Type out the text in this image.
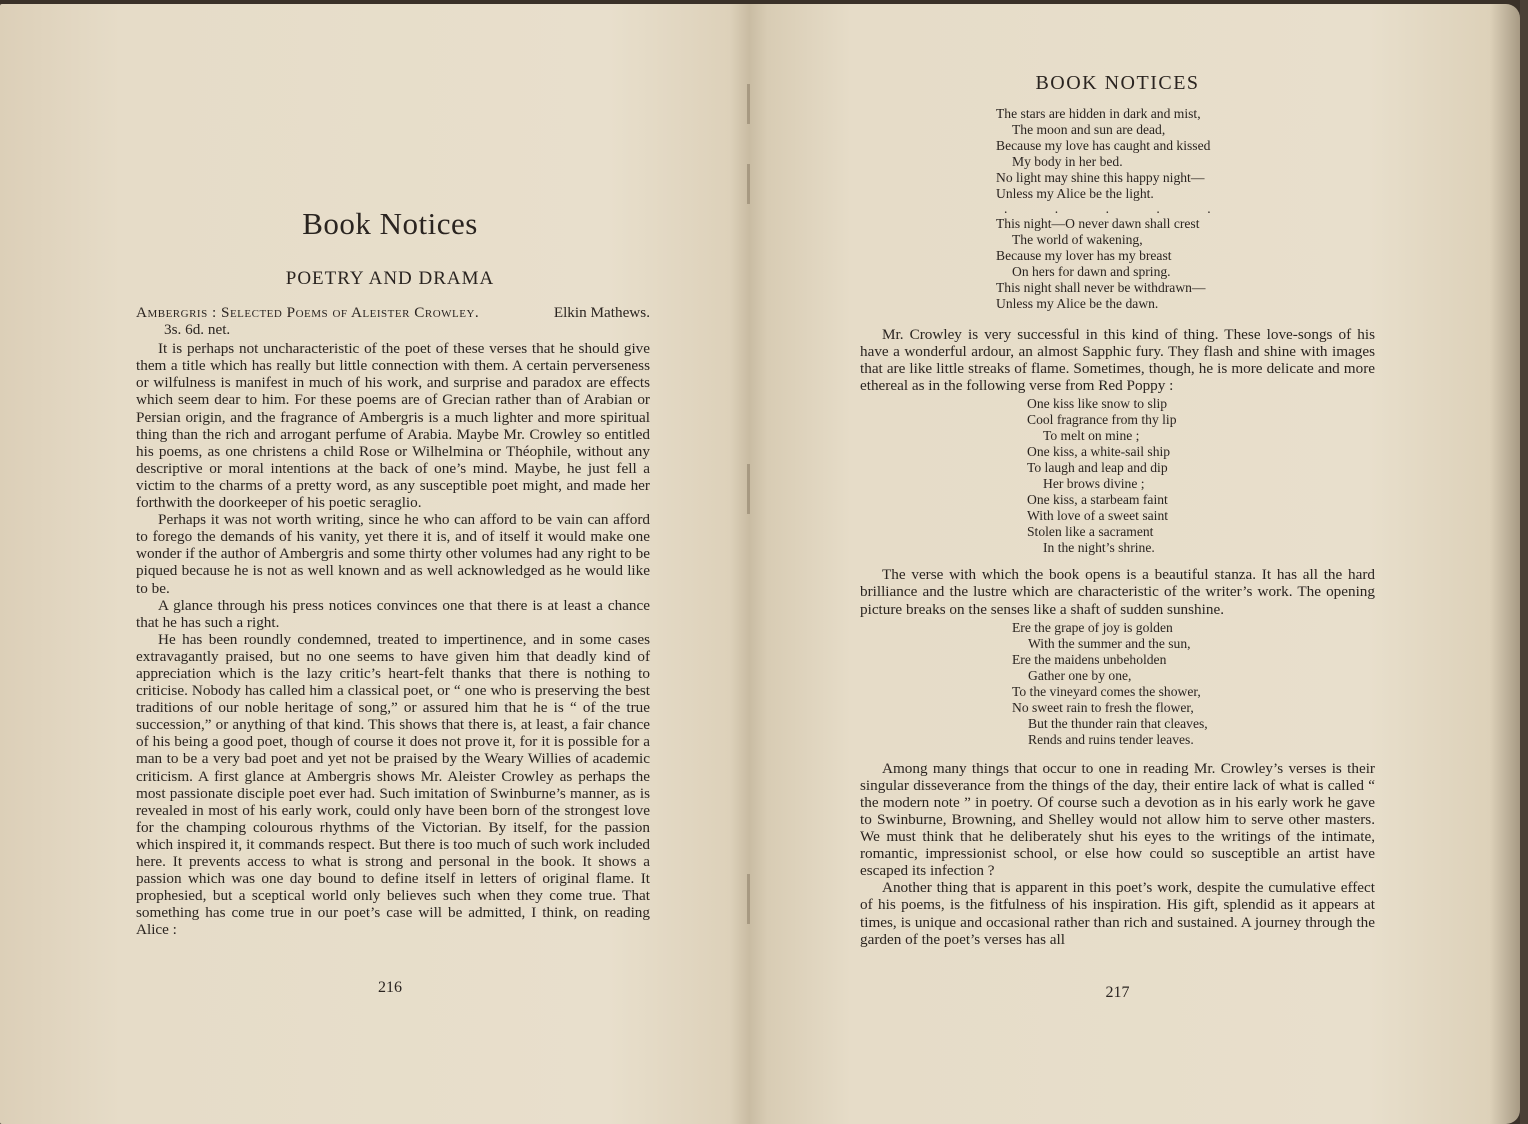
Book Notices
POETRY AND DRAMA
Ambergris : Selected Poems of Aleister Crowley.	Elkin Mathews.

3s. 6d. net.

It is perhaps not uncharacteristic of the poet of these verses that he should give them a title which has really but little connection with them. A certain perverseness or wilfulness is manifest in much of his work, and surprise and paradox are effects which seem dear to him. For these poems are of Grecian rather than of Arabian or Persian origin, and the fragrance of Ambergris is a much lighter and more spiritual thing than the rich and arrogant perfume of Arabia. Maybe Mr. Crowley so entitled his poems, as one christens a child Rose or Wilhelmina or Théophile, without any descriptive or moral intentions at the back of one’s mind. Maybe, he just fell a victim to the charms of a pretty word, as any susceptible poet might, and made her forthwith the doorkeeper of his poetic seraglio.

Perhaps it was not worth writing, since he who can afford to be vain can afford to forego the demands of his vanity, yet there it is, and of itself it would make one wonder if the author of Ambergris and some thirty other volumes had any right to be piqued because he is not as well known and as well acknowledged as he would like to be.

A glance through his press notices convinces one that there is at least a chance that he has such a right.

He has been roundly condemned, treated to impertinence, and in some cases extravagantly praised, but no one seems to have given him that deadly kind of appreciation which is the lazy critic’s heart-felt thanks that there is nothing to criticise. Nobody has called him a classical poet, or “ one who is preserving the best traditions of our noble heritage of song,” or assured him that he is “ of the true succession,” or anything of that kind. This shows that there is, at least, a fair chance of his being a good poet, though of course it does not prove it, for it is possible for a man to be a very bad poet and yet not be praised by the Weary Willies of academic criticism. A first glance at Ambergris shows Mr. Aleister Crowley as perhaps the most passionate disciple poet ever had. Such imitation of Swinburne’s manner, as is revealed in most of his early work, could only have been born of the strongest love for the champing colourous rhythms of the Victorian. By itself, for the passion which inspired it, it commands respect. But there is too much of such work included here. It prevents access to what is strong and personal in the book. It shows a passion which was one day bound to define itself in letters of original flame. It prophesied, but a sceptical world only believes such when they come true. That something has come true in our poet’s case will be admitted, I think, on reading Alice :

216

BOOK NOTICES

The stars are hidden in dark and mist,
The moon and sun are dead,
Because my love has caught and kissed
My body in her bed.
No light may shine this happy night—
Unless my Alice be the light.
. . . . .
This night—O never dawn shall crest
The world of wakening,
Because my lover has my breast
On hers for dawn and spring.
This night shall never be withdrawn—
Unless my Alice be the dawn.

Mr. Crowley is very successful in this kind of thing. These love-songs of his have a wonderful ardour, an almost Sapphic fury. They flash and shine with images that are like little streaks of flame. Sometimes, though, he is more delicate and more ethereal as in the following verse from Red Poppy :

One kiss like snow to slip
Cool fragrance from thy lip
To melt on mine ;
One kiss, a white-sail ship
To laugh and leap and dip
Her brows divine ;
One kiss, a starbeam faint
With love of a sweet saint
Stolen like a sacrament
In the night’s shrine.

The verse with which the book opens is a beautiful stanza. It has all the hard brilliance and the lustre which are characteristic of the writer’s work. The opening picture breaks on the senses like a shaft of sudden sunshine.

Ere the grape of joy is golden
With the summer and the sun,
Ere the maidens unbeholden
Gather one by one,
To the vineyard comes the shower,
No sweet rain to fresh the flower,
But the thunder rain that cleaves,
Rends and ruins tender leaves.

Among many things that occur to one in reading Mr. Crowley’s verses is their singular disseverance from the things of the day, their entire lack of what is called “ the modern note ” in poetry. Of course such a devotion as in his early work he gave to Swinburne, Browning, and Shelley would not allow him to serve other masters. We must think that he deliberately shut his eyes to the writings of the intimate, romantic, impressionist school, or else how could so susceptible an artist have escaped its infection ?

Another thing that is apparent in this poet’s work, despite the cumulative effect of his poems, is the fitfulness of his inspiration. His gift, splendid as it appears at times, is unique and occasional rather than rich and sustained. A journey through the garden of the poet’s verses has all

217
